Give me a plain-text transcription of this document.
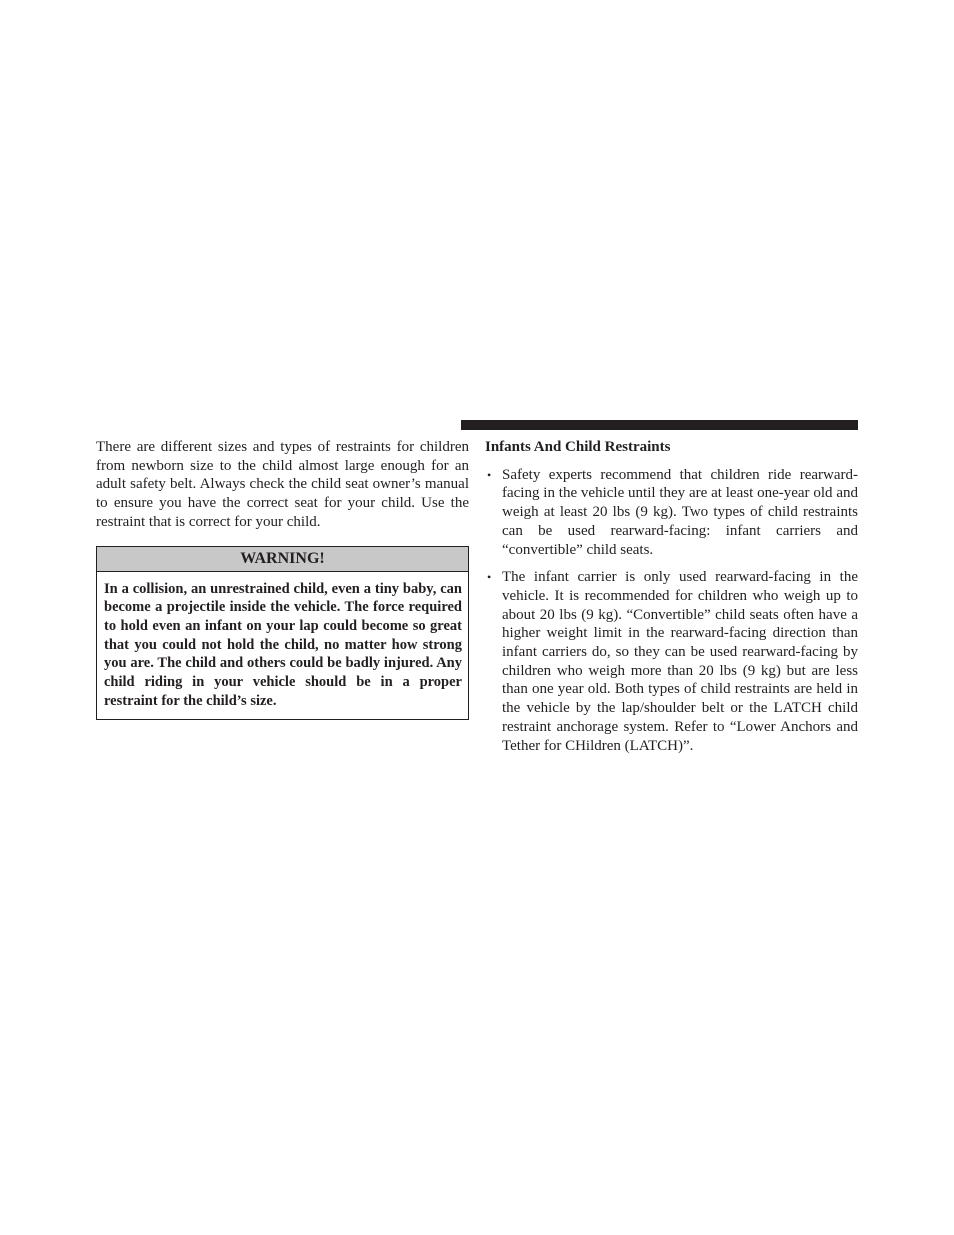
There are different sizes and types of restraints for children from newborn size to the child almost large enough for an adult safety belt. Always check the child seat owner’s manual to ensure you have the correct seat for your child. Use the restraint that is correct for your child.

WARNING!
In a collision, an unrestrained child, even a tiny baby, can become a projectile inside the vehicle. The force required to hold even an infant on your lap could become so great that you could not hold the child, no matter how strong you are. The child and others could be badly injured. Any child riding in your vehicle should be in a proper restraint for the child’s size.

Infants And Child Restraints

• Safety experts recommend that children ride rearward-facing in the vehicle until they are at least one-year old and weigh at least 20 lbs (9 kg). Two types of child restraints can be used rearward-facing: infant carriers and “convertible” child seats.

• The infant carrier is only used rearward-facing in the vehicle. It is recommended for children who weigh up to about 20 lbs (9 kg). “Convertible” child seats often have a higher weight limit in the rearward-facing direction than infant carriers do, so they can be used rearward-facing by children who weigh more than 20 lbs (9 kg) but are less than one year old. Both types of child restraints are held in the vehicle by the lap/shoulder belt or the LATCH child restraint anchorage system. Refer to “Lower Anchors and Tether for CHildren (LATCH)”.
